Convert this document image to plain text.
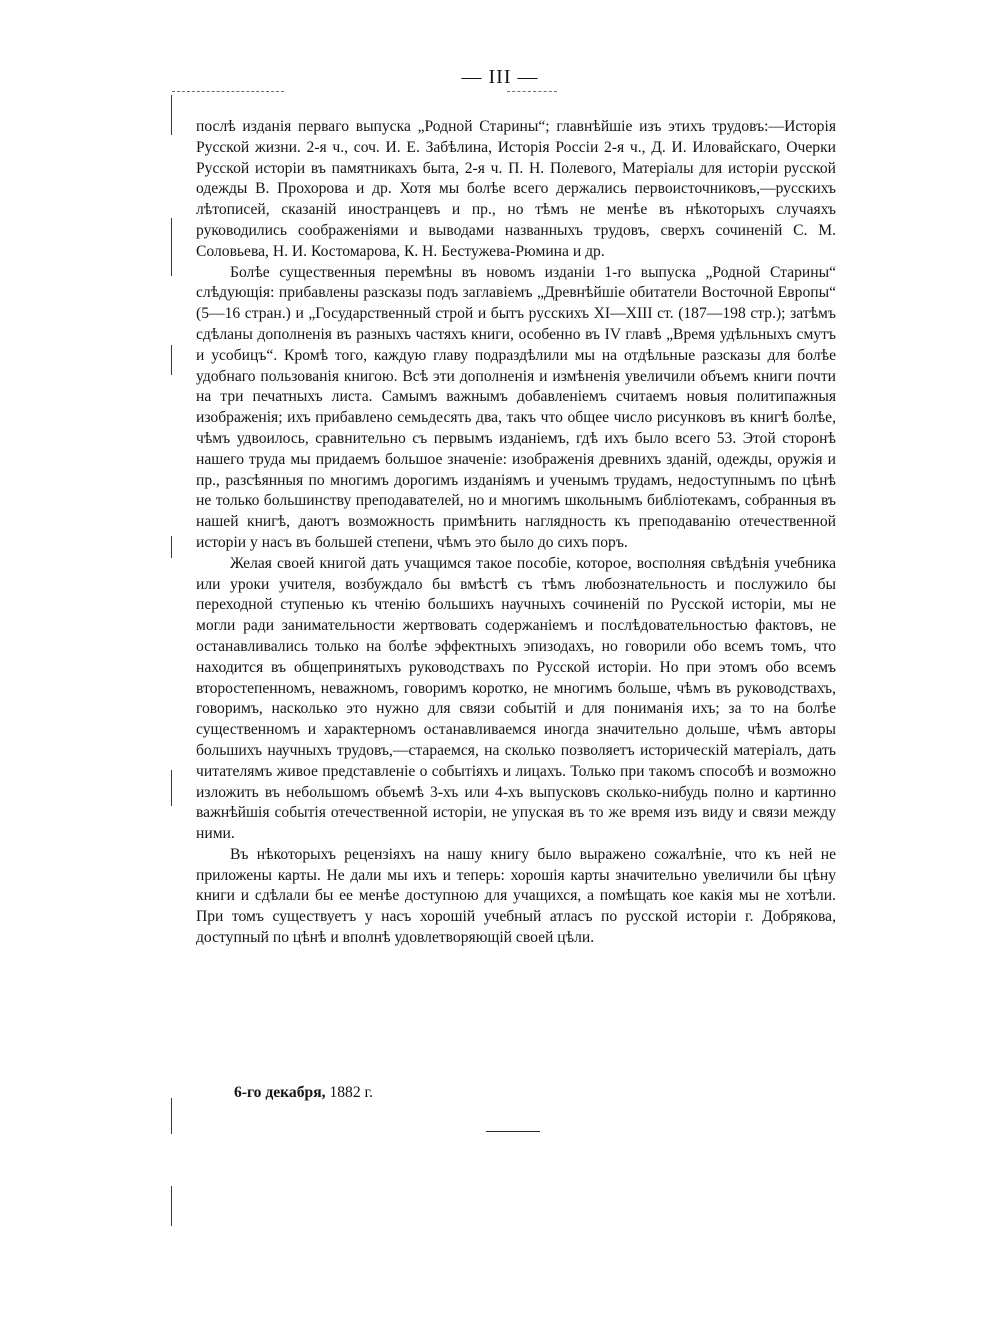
— III —

послѣ изданія перваго выпуска „Родной Старины“; главнѣйшіе изъ этихъ трудовъ:—Исторія Русской жизни. 2-я ч., соч. И. Е. Забѣлина, Исторія Россіи 2-я ч., Д. И. Иловайскаго, Очерки Русской исторіи въ памятникахъ быта, 2-я ч. П. Н. Полевого, Матеріалы для исторіи русской одежды В. Прохорова и др. Хотя мы болѣе всего держались первоисточниковъ,—русскихъ лѣтописей, сказаній иностранцевъ и пр., но тѣмъ не менѣе въ нѣкоторыхъ случаяхъ руководились соображеніями и выводами названныхъ трудовъ, сверхъ сочиненій С. М. Соловьева, Н. И. Костомарова, К. Н. Бестужева-Рюмина и др.

Болѣе существенныя перемѣны въ новомъ изданіи 1-го выпуска „Родной Старины“ слѣдующія: прибавлены разсказы подъ заглавіемъ „Древнѣйшіе обитатели Восточной Европы“ (5—16 стран.) и „Государственный строй и бытъ русскихъ XI—XIII ст. (187—198 стр.); затѣмъ сдѣланы дополненія въ разныхъ частяхъ книги, особенно въ IV главѣ „Время удѣльныхъ смутъ и усобицъ“. Кромѣ того, каждую главу подраздѣлили мы на отдѣльные разсказы для болѣе удобнаго пользованія книгою. Всѣ эти дополненія и измѣненія увеличили объемъ книги почти на три печатныхъ листа. Самымъ важнымъ добавленіемъ считаемъ новыя политипажныя изображенія; ихъ прибавлено семьдесять два, такъ что общее число рисунковъ въ книгѣ болѣе, чѣмъ удвоилось, сравнительно съ первымъ изданіемъ, гдѣ ихъ было всего 53. Этой сторонѣ нашего труда мы придаемъ большое значеніе: изображенія древнихъ зданій, одежды, оружія и пр., разсѣянныя по многимъ дорогимъ изданіямъ и ученымъ трудамъ, недоступнымъ по цѣнѣ не только большинству преподавателей, но и многимъ школьнымъ библіотекамъ, собранныя въ нашей книгѣ, даютъ возможность примѣнить наглядность къ преподаванію отечественной исторіи у насъ въ большей степени, чѣмъ это было до сихъ поръ.

Желая своей книгой дать учащимся такое пособіе, которое, восполняя свѣдѣнія учебника или уроки учителя, возбуждало бы вмѣстѣ съ тѣмъ любознательность и послужило бы переходной ступенью къ чтенію большихъ научныхъ сочиненій по Русской исторіи, мы не могли ради занимательности жертвовать содержаніемъ и послѣдовательностью фактовъ, не останавливались только на болѣе эффектныхъ эпизодахъ, но говорили обо всемъ томъ, что находится въ общепринятыхъ руководствахъ по Русской исторіи. Но при этомъ обо всемъ второстепенномъ, неважномъ, говоримъ коротко, не многимъ больше, чѣмъ въ руководствахъ, говоримъ, насколько это нужно для связи событій и для пониманія ихъ; за то на болѣе существенномъ и характерномъ останавливаемся иногда значительно дольше, чѣмъ авторы большихъ научныхъ трудовъ,—стараемся, на сколько позволяетъ историческій матеріалъ, дать читателямъ живое представленіе о событіяхъ и лицахъ. Только при такомъ способѣ и возможно изложить въ небольшомъ объемѣ 3-хъ или 4-хъ выпусковъ сколько-нибудь полно и картинно важнѣйшія событія отечественной исторіи, не упуская въ то же время изъ виду и связи между ними.

Въ нѣкоторыхъ рецензіяхъ на нашу книгу было выражено сожалѣніе, что къ ней не приложены карты. Не дали мы ихъ и теперь: хорошія карты значительно увеличили бы цѣну книги и сдѣлали бы ее менѣе доступною для учащихся, а помѣщать кое какія мы не хотѣли. При томъ существуетъ у насъ хорошій учебный атласъ по русской исторіи г. Добрякова, доступный по цѣнѣ и вполнѣ удовлетворяющій своей цѣли.

6-го декабря, 1882 г.
